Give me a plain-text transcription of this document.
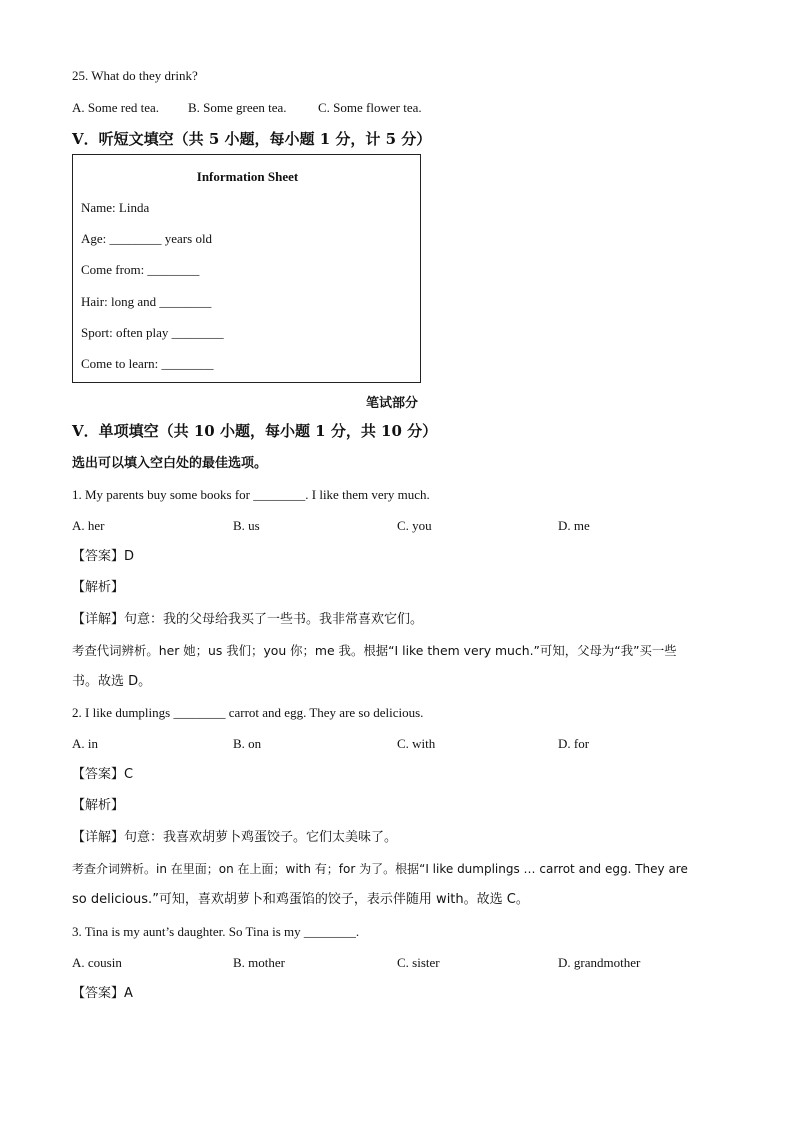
25. What do they drink?
A. Some red tea. B. Some green tea. C. Some flower tea.
V．听短文填空（共 5 小题，每小题 1 分，计 5 分）
Information Sheet
Name: Linda
Age: ________ years old
Come from: ________
Hair: long and ________
Sport: often play ________
Come to learn: ________
笔试部分
V．单项填空（共 10 小题，每小题 1 分，共 10 分）
选出可以填入空白处的最佳选项。
1. My parents buy some books for ________. I like them very much.
A. her	B. us	C. you	D. me
【答案】D
【解析】
【详解】句意：我的父母给我买了一些书。我非常喜欢它们。
考查代词辨析。her 她；us 我们；you 你；me 我。根据“I like them very much.”可知，父母为“我”买一些
书。故选 D。
2. I like dumplings ________ carrot and egg. They are so delicious.
A. in	B. on	C. with	D. for
【答案】C
【解析】
【详解】句意：我喜欢胡萝卜鸡蛋饺子。它们太美味了。
考查介词辨析。in 在里面；on 在上面；with 有；for 为了。根据“I like dumplings … carrot and egg. They are
so delicious.”可知，喜欢胡萝卜和鸡蛋馅的饺子，表示伴随用 with。故选 C。
3. Tina is my aunt’s daughter. So Tina is my ________.
A. cousin	B. mother	C. sister	D. grandmother
【答案】A
